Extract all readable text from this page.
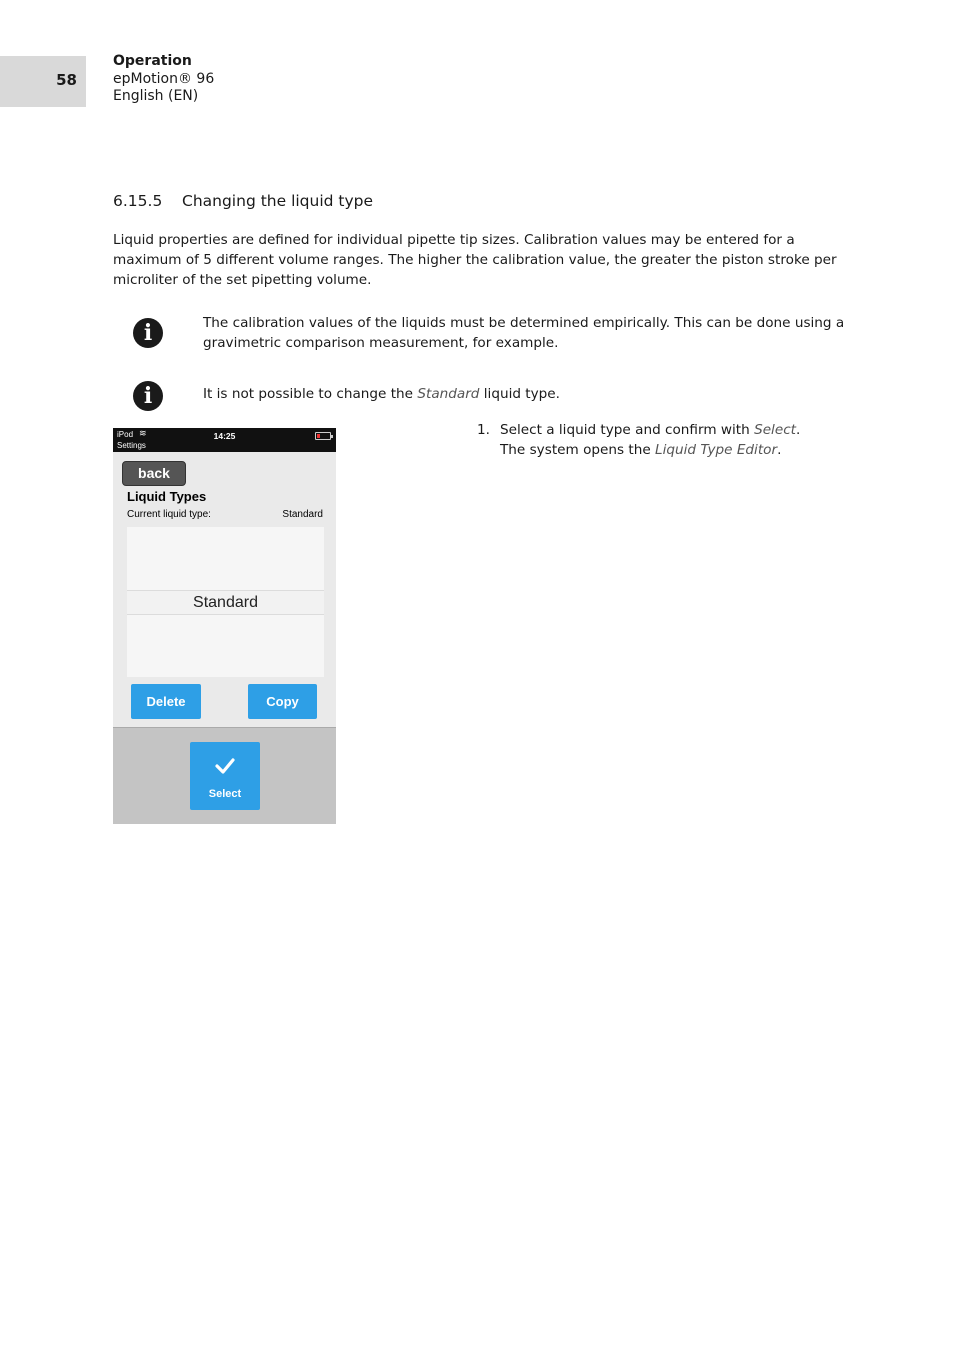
58
Operation
epMotion® 96
English (EN)
6.15.5 Changing the liquid type
Liquid properties are defined for individual pipette tip sizes. Calibration values may be entered for a maximum of 5 different volume ranges. The higher the calibration value, the greater the piston stroke per microliter of the set pipetting volume.
i	The calibration values of the liquids must be determined empirically. This can be done using a gravimetric comparison measurement, for example.
i	It is not possible to change the Standard liquid type.
iPod ≋
Settings
14:25
back
Liquid Types
Current liquid type:	Standard
Standard
Delete	Copy
Select
1. Select a liquid type and confirm with Select.
The system opens the Liquid Type Editor.
